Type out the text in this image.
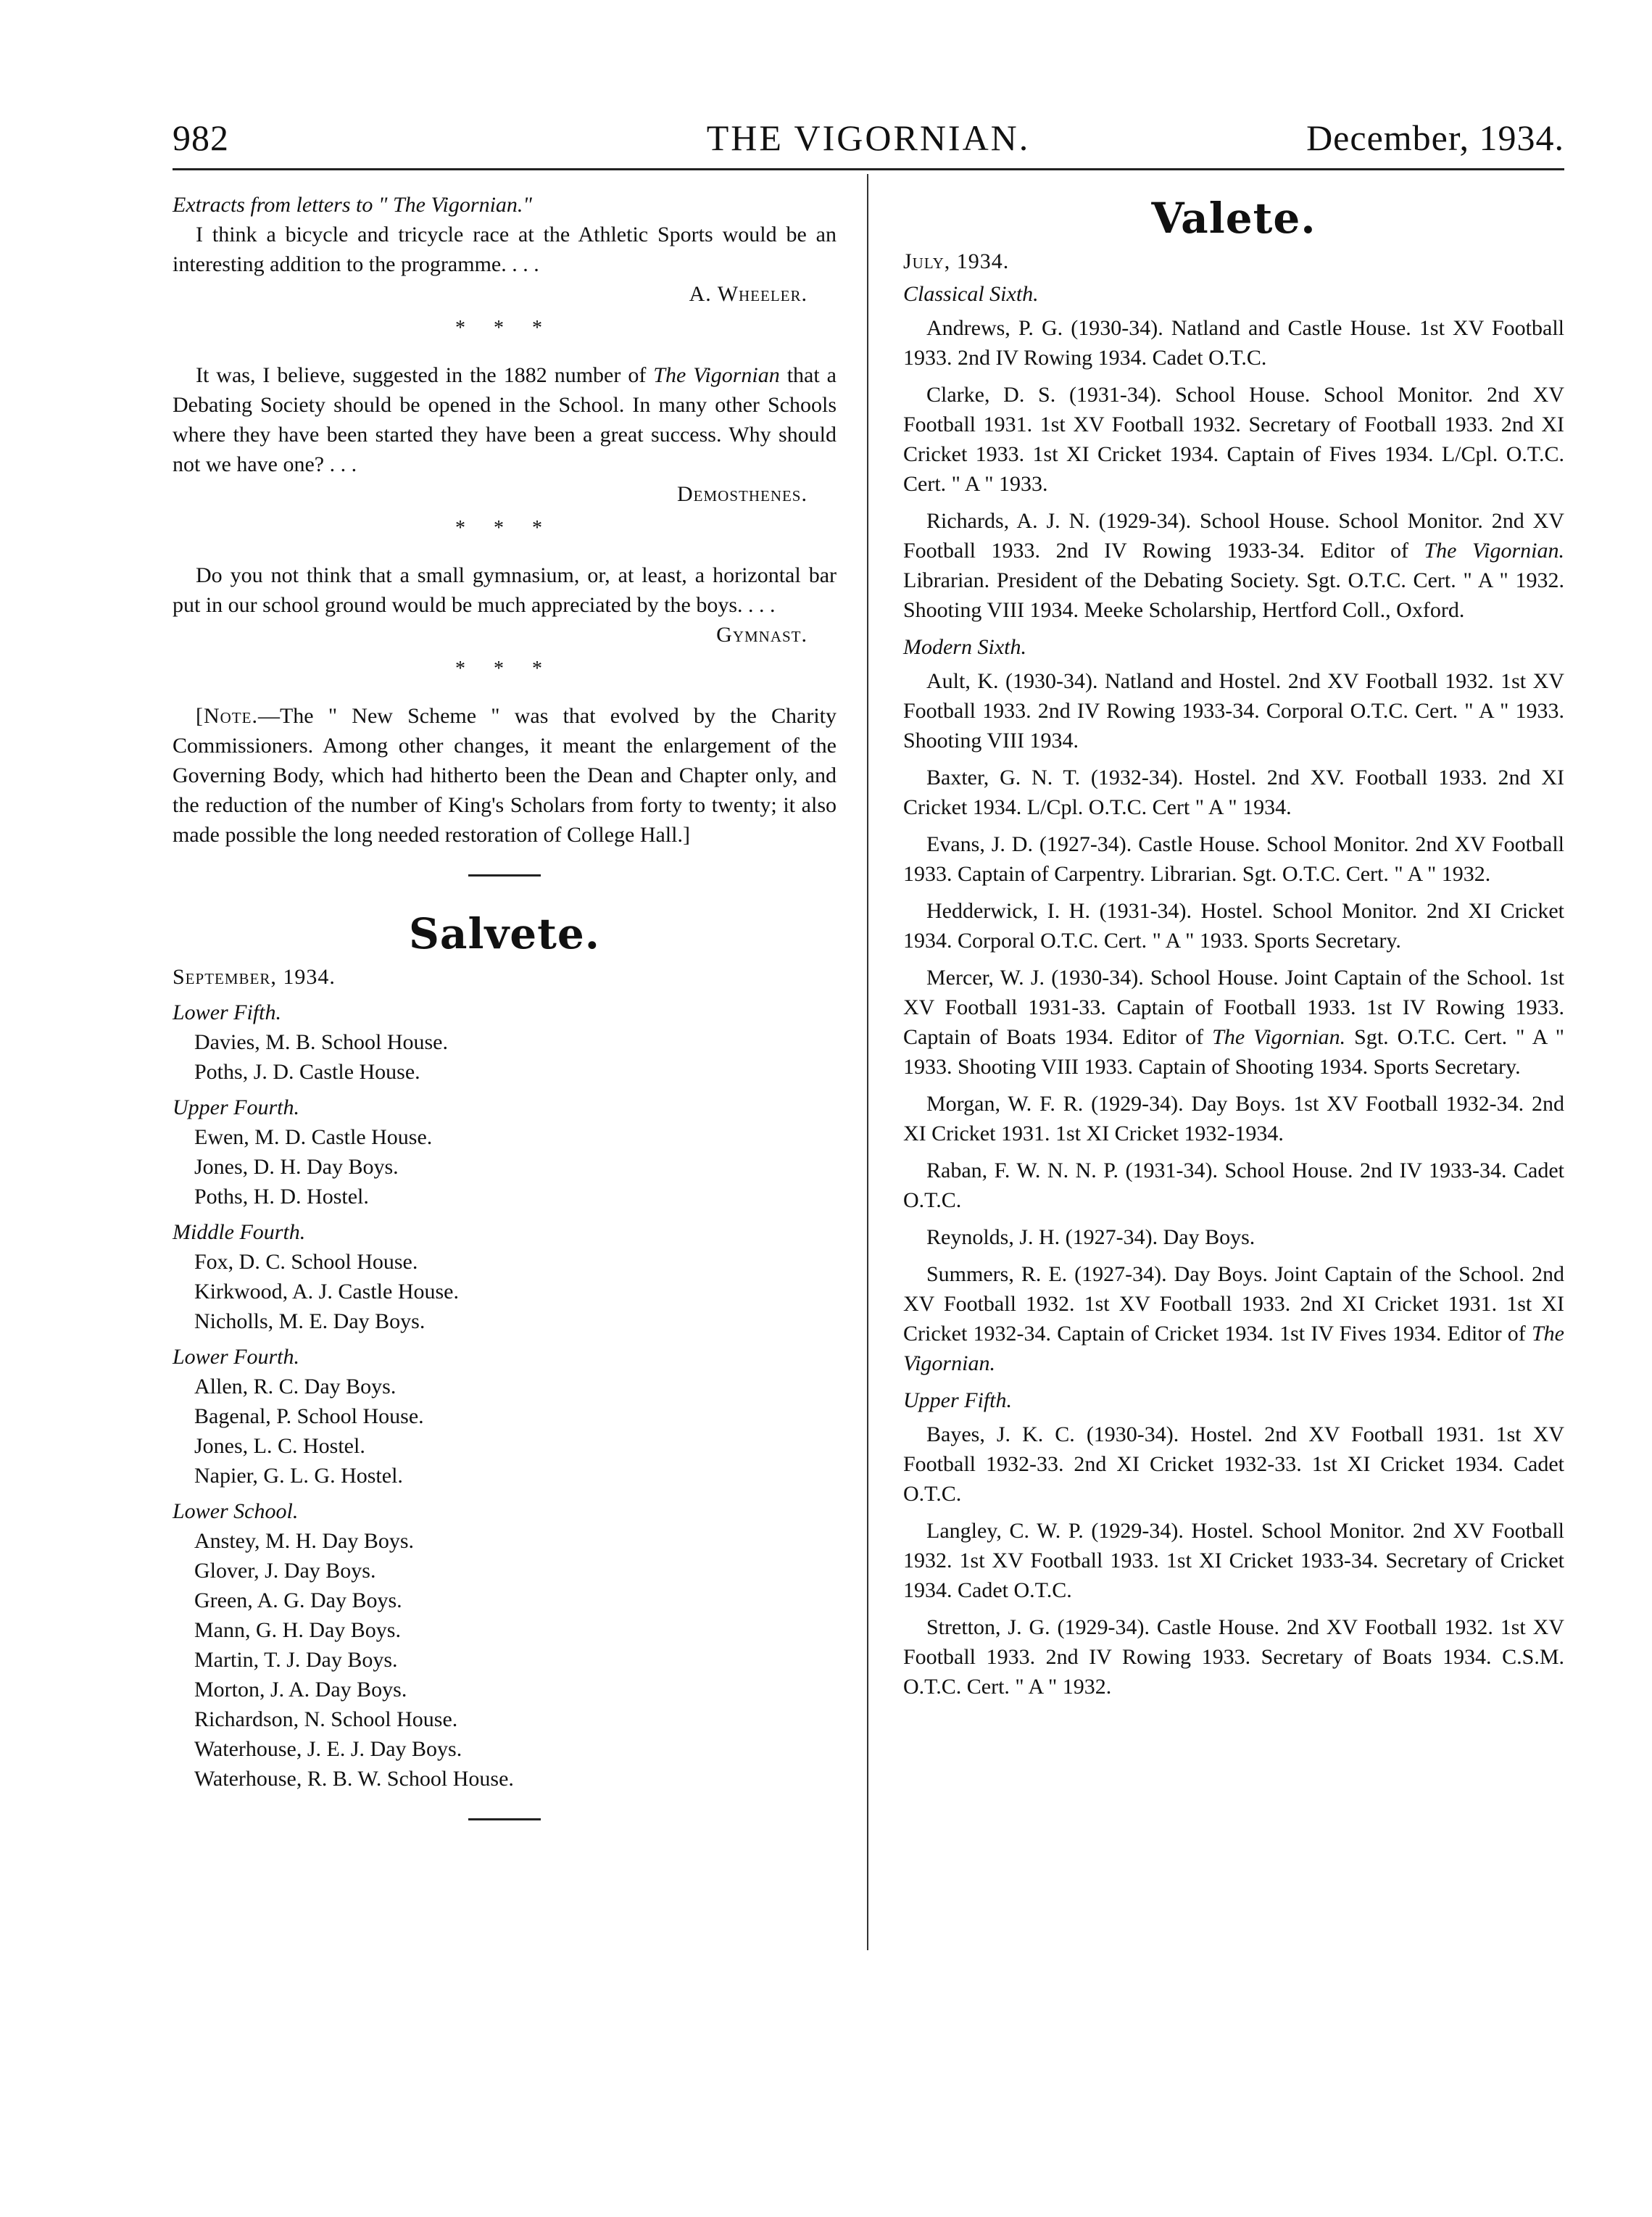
982	THE VIGORNIAN.	December, 1934.

Extracts from letters to " The Vigornian."

I think a bicycle and tricycle race at the Athletic Sports would be an interesting addition to the programme. . . .

A. Wheeler.

* * *

It was, I believe, suggested in the 1882 number of The Vigornian that a Debating Society should be opened in the School. In many other Schools where they have been started they have been a great success. Why should not we have one? . . .

Demosthenes.

* * *

Do you not think that a small gymnasium, or, at least, a horizontal bar put in our school ground would be much appreciated by the boys. . . .

Gymnast.

* * *

[Note.—The " New Scheme " was that evolved by the Charity Commissioners. Among other changes, it meant the enlargement of the Governing Body, which had hitherto been the Dean and Chapter only, and the reduction of the number of King's Scholars from forty to twenty; it also made possible the long needed restoration of College Hall.]

Salvete.

September, 1934.

Lower Fifth.

Davies, M. B. School House.
Poths, J. D. Castle House.

Upper Fourth.

Ewen, M. D. Castle House.
Jones, D. H. Day Boys.
Poths, H. D. Hostel.

Middle Fourth.

Fox, D. C. School House.
Kirkwood, A. J. Castle House.
Nicholls, M. E. Day Boys.

Lower Fourth.

Allen, R. C. Day Boys.
Bagenal, P. School House.
Jones, L. C. Hostel.
Napier, G. L. G. Hostel.

Lower School.

Anstey, M. H. Day Boys.
Glover, J. Day Boys.
Green, A. G. Day Boys.
Mann, G. H. Day Boys.
Martin, T. J. Day Boys.
Morton, J. A. Day Boys.
Richardson, N. School House.
Waterhouse, J. E. J. Day Boys.
Waterhouse, R. B. W. School House.
Valete.

July, 1934.

Classical Sixth.

Andrews, P. G. (1930-34). Natland and Castle House. 1st XV Football 1933. 2nd IV Rowing 1934. Cadet O.T.C.

Clarke, D. S. (1931-34). School House. School Monitor. 2nd XV Football 1931. 1st XV Football 1932. Secretary of Football 1933. 2nd XI Cricket 1933. 1st XI Cricket 1934. Captain of Fives 1934. L/Cpl. O.T.C. Cert. " A " 1933.

Richards, A. J. N. (1929-34). School House. School Monitor. 2nd XV Football 1933. 2nd IV Rowing 1933-34. Editor of The Vigornian. Librarian. President of the Debating Society. Sgt. O.T.C. Cert. " A " 1932. Shooting VIII 1934. Meeke Scholarship, Hertford Coll., Oxford.

Modern Sixth.

Ault, K. (1930-34). Natland and Hostel. 2nd XV Football 1932. 1st XV Football 1933. 2nd IV Rowing 1933-34. Corporal O.T.C. Cert. " A " 1933. Shooting VIII 1934.

Baxter, G. N. T. (1932-34). Hostel. 2nd XV. Football 1933. 2nd XI Cricket 1934. L/Cpl. O.T.C. Cert " A " 1934.

Evans, J. D. (1927-34). Castle House. School Monitor. 2nd XV Football 1933. Captain of Carpentry. Librarian. Sgt. O.T.C. Cert. " A " 1932.

Hedderwick, I. H. (1931-34). Hostel. School Monitor. 2nd XI Cricket 1934. Corporal O.T.C. Cert. " A " 1933. Sports Secretary.

Mercer, W. J. (1930-34). School House. Joint Captain of the School. 1st XV Football 1931-33. Captain of Football 1933. 1st IV Rowing 1933. Captain of Boats 1934. Editor of The Vigornian. Sgt. O.T.C. Cert. " A " 1933. Shooting VIII 1933. Captain of Shooting 1934. Sports Secretary.

Morgan, W. F. R. (1929-34). Day Boys. 1st XV Football 1932-34. 2nd XI Cricket 1931. 1st XI Cricket 1932-1934.

Raban, F. W. N. N. P. (1931-34). School House. 2nd IV 1933-34. Cadet O.T.C.

Reynolds, J. H. (1927-34). Day Boys.

Summers, R. E. (1927-34). Day Boys. Joint Captain of the School. 2nd XV Football 1932. 1st XV Football 1933. 2nd XI Cricket 1931. 1st XI Cricket 1932-34. Captain of Cricket 1934. 1st IV Fives 1934. Editor of The Vigornian.

Upper Fifth.

Bayes, J. K. C. (1930-34). Hostel. 2nd XV Football 1931. 1st XV Football 1932-33. 2nd XI Cricket 1932-33. 1st XI Cricket 1934. Cadet O.T.C.

Langley, C. W. P. (1929-34). Hostel. School Monitor. 2nd XV Football 1932. 1st XV Football 1933. 1st XI Cricket 1933-34. Secretary of Cricket 1934. Cadet O.T.C.

Stretton, J. G. (1929-34). Castle House. 2nd XV Football 1932. 1st XV Football 1933. 2nd IV Rowing 1933. Secretary of Boats 1934. C.S.M. O.T.C. Cert. " A " 1932.
